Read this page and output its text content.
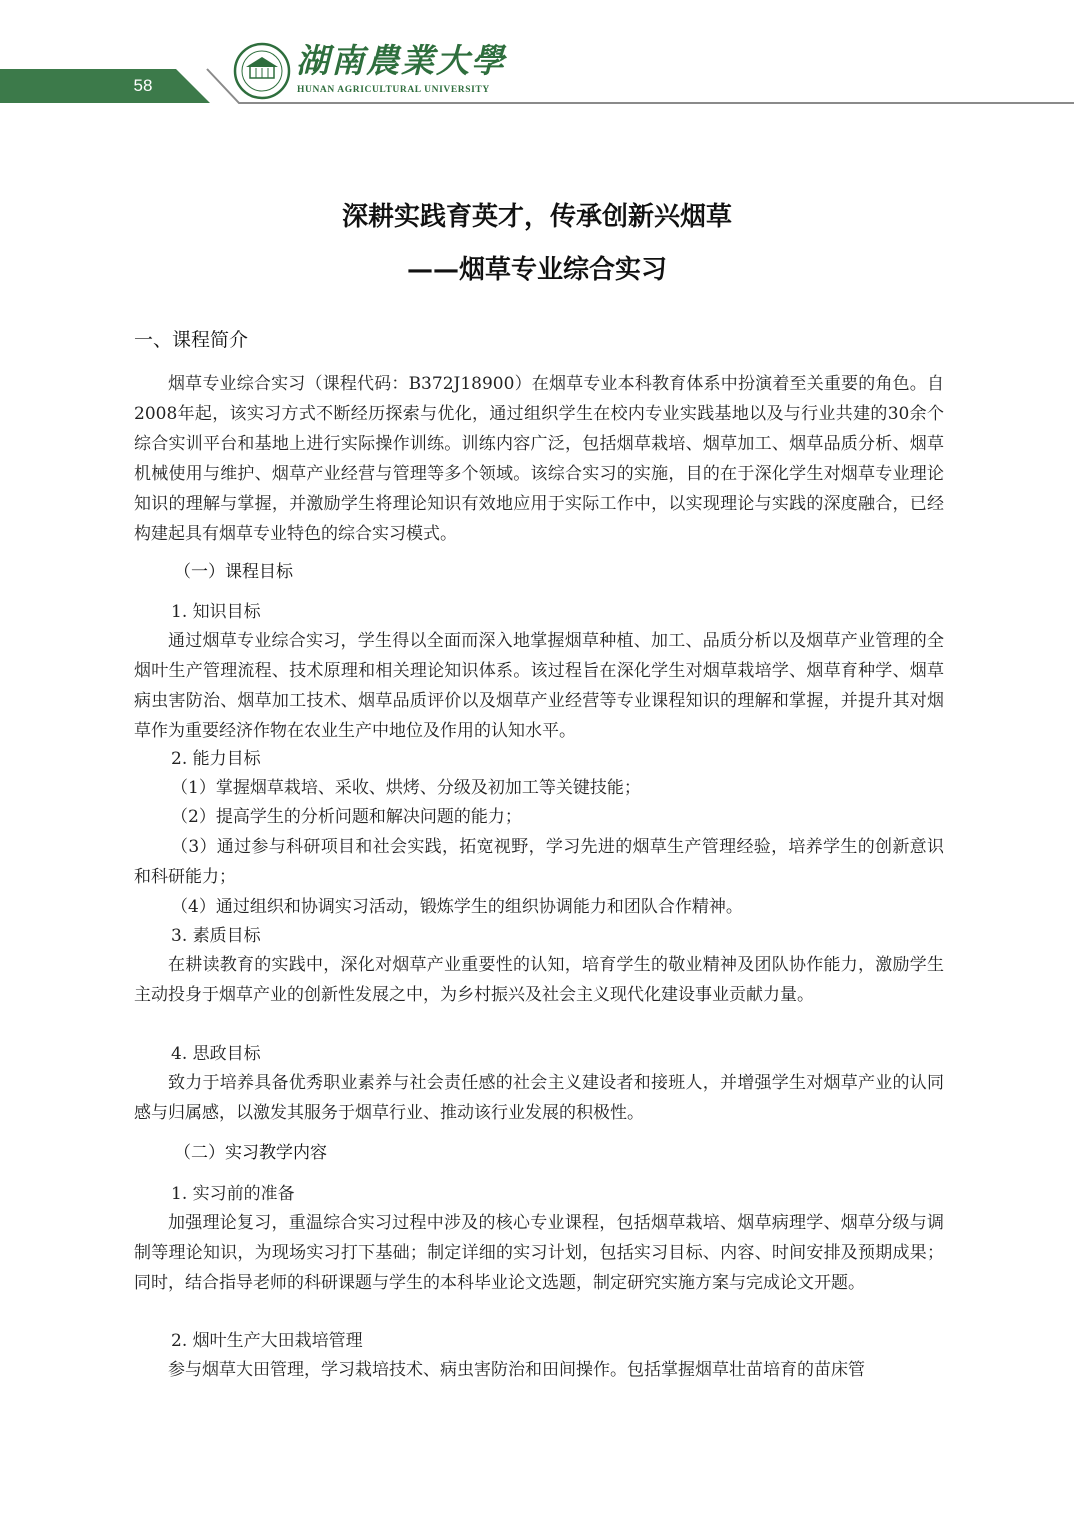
58
湖南農業大學
HUNAN AGRICULTURAL UNIVERSITY
深耕实践育英才，传承创新兴烟草
——烟草专业综合实习

一、课程简介

烟草专业综合实习（课程代码：B372J18900）在烟草专业本科教育体系中扮演着至关重要的角色。自2008年起，该实习方式不断经历探索与优化，通过组织学生在校内专业实践基地以及与行业共建的30余个综合实训平台和基地上进行实际操作训练。训练内容广泛，包括烟草栽培、烟草加工、烟草品质分析、烟草机械使用与维护、烟草产业经营与管理等多个领域。该综合实习的实施，目的在于深化学生对烟草专业理论知识的理解与掌握，并激励学生将理论知识有效地应用于实际工作中，以实现理论与实践的深度融合，已经构建起具有烟草专业特色的综合实习模式。

（一）课程目标

1. 知识目标

通过烟草专业综合实习，学生得以全面而深入地掌握烟草种植、加工、品质分析以及烟草产业管理的全烟叶生产管理流程、技术原理和相关理论知识体系。该过程旨在深化学生对烟草栽培学、烟草育种学、烟草病虫害防治、烟草加工技术、烟草品质评价以及烟草产业经营等专业课程知识的理解和掌握，并提升其对烟草作为重要经济作物在农业生产中地位及作用的认知水平。

2. 能力目标

（1）掌握烟草栽培、采收、烘烤、分级及初加工等关键技能；

（2）提高学生的分析问题和解决问题的能力；

（3）通过参与科研项目和社会实践，拓宽视野，学习先进的烟草生产管理经验，培养学生的创新意识和科研能力；

（4）通过组织和协调实习活动，锻炼学生的组织协调能力和团队合作精神。

3. 素质目标

在耕读教育的实践中，深化对烟草产业重要性的认知，培育学生的敬业精神及团队协作能力，激励学生主动投身于烟草产业的创新性发展之中，为乡村振兴及社会主义现代化建设事业贡献力量。

4. 思政目标

致力于培养具备优秀职业素养与社会责任感的社会主义建设者和接班人，并增强学生对烟草产业的认同感与归属感，以激发其服务于烟草行业、推动该行业发展的积极性。

（二）实习教学内容

1. 实习前的准备

加强理论复习，重温综合实习过程中涉及的核心专业课程，包括烟草栽培、烟草病理学、烟草分级与调制等理论知识，为现场实习打下基础；制定详细的实习计划，包括实习目标、内容、时间安排及预期成果；同时，结合指导老师的科研课题与学生的本科毕业论文选题，制定研究实施方案与完成论文开题。

2. 烟叶生产大田栽培管理

参与烟草大田管理，学习栽培技术、病虫害防治和田间操作。包括掌握烟草壮苗培育的苗床管
